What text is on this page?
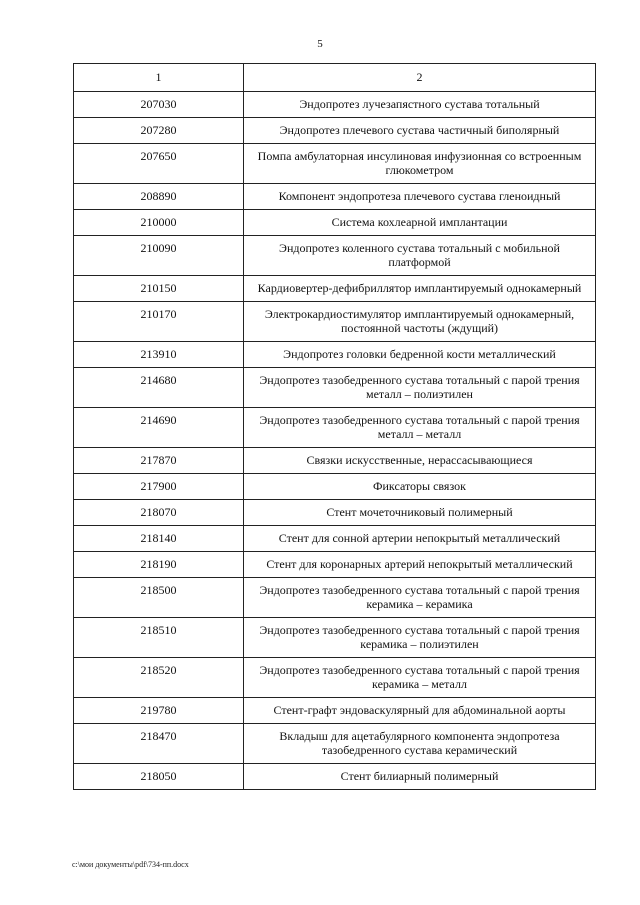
5
1	2
207030	Эндопротез лучезапястного сустава тотальный
207280	Эндопротез плечевого сустава частичный биполярный
207650	Помпа амбулаторная инсулиновая инфузионная со встроенным глюкометром
208890	Компонент эндопротеза плечевого сустава гленоидный
210000	Система кохлеарной имплантации
210090	Эндопротез коленного сустава тотальный с мобильной платформой
210150	Кардиовертер-дефибриллятор имплантируемый однокамерный
210170	Электрокардиостимулятор имплантируемый однокамерный, постоянной частоты (ждущий)
213910	Эндопротез головки бедренной кости металлический
214680	Эндопротез тазобедренного сустава тотальный с парой трения металл – полиэтилен
214690	Эндопротез тазобедренного сустава тотальный с парой трения металл – металл
217870	Связки искусственные, нерассасывающиеся
217900	Фиксаторы связок
218070	Стент мочеточниковый полимерный
218140	Стент для сонной артерии непокрытый металлический
218190	Стент для коронарных артерий непокрытый металлический
218500	Эндопротез тазобедренного сустава тотальный с парой трения керамика – керамика
218510	Эндопротез тазобедренного сустава тотальный с парой трения керамика – полиэтилен
218520	Эндопротез тазобедренного сустава тотальный с парой трения керамика – металл
219780	Стент-графт эндоваскулярный для абдоминальной аорты
218470	Вкладыш для ацетабулярного компонента эндопротеза тазобедренного сустава керамический
218050	Стент билиарный полимерный
c:\мои документы\pdf\734-пп.docx
